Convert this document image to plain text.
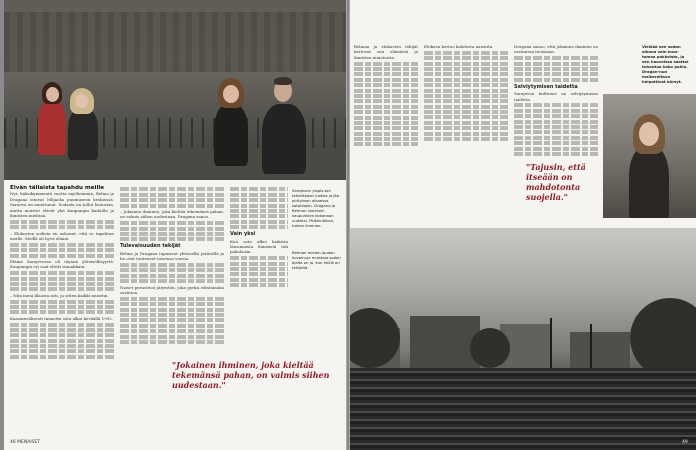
Elvän tällaista tapahdu meille

Nyt, kaksikymmentä vuotta myöhemmin, Belma ja Dragana istuvat Mlijacka puumuseon keskiössä. Saraeva on muuttunut. Sodasta on tullut historiaa, mutta muistot elävät yhä kaupungin kaduilla ja ihmisten mielissä.

– Elokuvien sodista en uskonut, että se tapahtuu meille. Meillä oli hyvä elämä.

Elämä Sarajevossa oli täynnä yhteisöllisyyttä. Kaupungin eri osat elivät rinnakkain.

– Niin meni illaasta asti, ja sitten kaikki muuttui.

Kansainvälisesti tunnettu sota alkoi keväällä 1992.

– Jokainen ihminen, joka kieltää tekemänsä pahan, on valmis siihen uudestaan, Dragana sanoo.

Tulevaisuuden tekijät

Belma ja Dragana tapasivat yhteisellä ystävällä ja he ovat tunteneet toisensa vuosia.

Naiset perustivat järjestön, joka pyrkii edistämään sovintoa.

Vain yksi

Kun sota alkoi kaikista länsimaista ihmisistä tuli pakolaisia.

Sarajevon ylopis-ton tekniikkaan luokka ja jäk-pirityksen alkaessa sotatilojen. Dragana ja Belman luomiset kaupunkien kokonaan uudeksi. Pelkkinäinen, tuleva ihminen.
Belman mielen-laudan kuvamuja muistoja sodan ajalta on ja, kun heillä on tekijöitä.
"Jokainen ihminen, joka kieltää tekemänsä pahan, on valmis siihen uudestaan."
46 MENAISET

Belman ja elokuvien tekijät kertovat sen elämästä ja ihmisten muistoista.

Elokuva kertoo kahdesta naisesta.	Dragana sanoo, että jokainen ihminen on vastuussa teoistaan.

Selviytymisen taidetta

Sarajevon kulttuuri on selviytymisen taidetta.

Vieläkö sen sodan aikana vain muu-tamaa pakkaista, ja sen haavoissa saattoi tuhoutua koko pahia. Dragan-nun maikeroitava helpottivat kärsyt.
"Tajusin, että itseään on mahdotonta suojella."
49
